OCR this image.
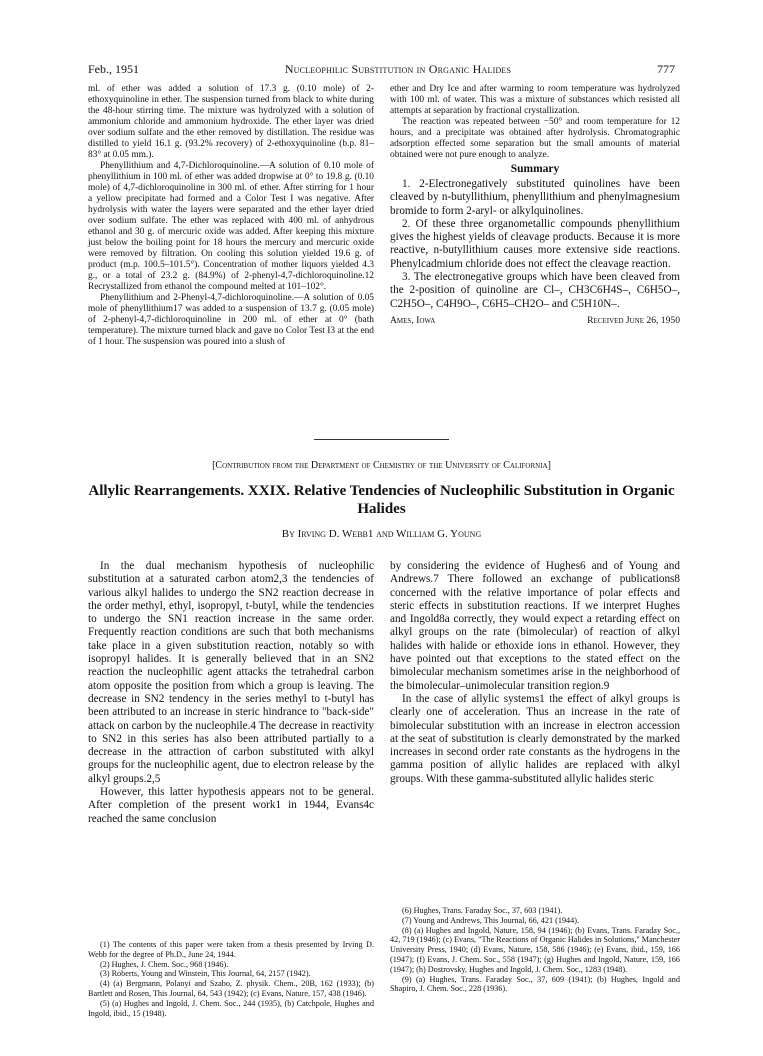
Feb., 1951	Nucleophilic Substitution in Organic Halides	777

ml. of ether was added a solution of 17.3 g. (0.10 mole) of 2-ethoxyquinoline in ether. The suspension turned from black to white during the 48-hour stirring time. The mixture was hydrolyzed with a solution of ammonium chloride and ammonium hydroxide. The ether layer was dried over sodium sulfate and the ether removed by distillation. The residue was distilled to yield 16.1 g. (93.2% recovery) of 2-ethoxyquinoline (b.p. 81–83° at 0.05 mm.).

Phenyllithium and 4,7-Dichloroquinoline.—A solution of 0.10 mole of phenyllithium in 100 ml. of ether was added dropwise at 0° to 19.8 g. (0.10 mole) of 4,7-dichloroquinoline in 300 ml. of ether. After stirring for 1 hour a yellow precipitate had formed and a Color Test I was negative. After hydrolysis with water the layers were separated and the ether layer dried over sodium sulfate. The ether was replaced with 400 ml. of anhydrous ethanol and 30 g. of mercuric oxide was added. After keeping this mixture just below the boiling point for 18 hours the mercury and mercuric oxide were removed by filtration. On cooling this solution yielded 19.6 g. of product (m.p. 100.5–101.5°). Concentration of mother liquors yielded 4.3 g., or a total of 23.2 g. (84.9%) of 2-phenyl-4,7-dichloroquinoline.12 Recrystallized from ethanol the compound melted at 101–102°.

Phenyllithium and 2-Phenyl-4,7-dichloroquinoline.—A solution of 0.05 mole of phenyllithium17 was added to a suspension of 13.7 g. (0.05 mole) of 2-phenyl-4,7-dichloroquinoline in 200 ml. of ether at 0° (bath temperature). The mixture turned black and gave no Color Test I3 at the end of 1 hour. The suspension was poured into a slush of

ether and Dry Ice and after warming to room temperature was hydrolyzed with 100 ml. of water. This was a mixture of substances which resisted all attempts at separation by fractional crystallization.

The reaction was repeated between −50° and room temperature for 12 hours, and a precipitate was obtained after hydrolysis. Chromatographic adsorption effected some separation but the small amounts of material obtained were not pure enough to analyze.

Summary

1. 2-Electronegatively substituted quinolines have been cleaved by n-butyllithium, phenyllithium and phenylmagnesium bromide to form 2-aryl- or alkylquinolines.

2. Of these three organometallic compounds phenyllithium gives the highest yields of cleavage products. Because it is more reactive, n-butyllithium causes more extensive side reactions. Phenylcadmium chloride does not effect the cleavage reaction.

3. The electronegative groups which have been cleaved from the 2-position of quinoline are Cl–, CH3C6H4S–, C6H5O–, C2H5O–, C4H9O–, C6H5–CH2O– and C5H10N–.

Ames, Iowa	Received June 26, 1950
[Contribution from the Department of Chemistry of the University of California]
Allylic Rearrangements. XXIX. Relative Tendencies of Nucleophilic Substitution in Organic Halides
By Irving D. Webb1 and William G. Young

In the dual mechanism hypothesis of nucleophilic substitution at a saturated carbon atom2,3 the tendencies of various alkyl halides to undergo the SN2 reaction decrease in the order methyl, ethyl, isopropyl, t-butyl, while the tendencies to undergo the SN1 reaction increase in the same order. Frequently reaction conditions are such that both mechanisms take place in a given substitution reaction, notably so with isopropyl halides. It is generally believed that in an SN2 reaction the nucleophilic agent attacks the tetrahedral carbon atom opposite the position from which a group is leaving. The decrease in SN2 tendency in the series methyl to t-butyl has been attributed to an increase in steric hindrance to "back-side" attack on carbon by the nucleophile.4 The decrease in reactivity to SN2 in this series has also been attributed partially to a decrease in the attraction of carbon substituted with alkyl groups for the nucleophilic agent, due to electron release by the alkyl groups.2,5

However, this latter hypothesis appears not to be general. After completion of the present work1 in 1944, Evans4c reached the same conclusion

by considering the evidence of Hughes6 and of Young and Andrews.7 There followed an exchange of publications8 concerned with the relative importance of polar effects and steric effects in substitution reactions. If we interpret Hughes and Ingold8a correctly, they would expect a retarding effect on alkyl groups on the rate (bimolecular) of reaction of alkyl halides with halide or ethoxide ions in ethanol. However, they have pointed out that exceptions to the stated effect on the bimolecular mechanism sometimes arise in the neighborhood of the bimolecular–unimolecular transition region.9

In the case of allylic systems1 the effect of alkyl groups is clearly one of acceleration. Thus an increase in the rate of bimolecular substitution with an increase in electron accession at the seat of substitution is clearly demonstrated by the marked increases in second order rate constants as the hydrogens in the gamma position of allylic halides are replaced with alkyl groups. With these gamma-substituted allylic halides steric

(1) The contents of this paper were taken from a thesis presented by Irving D. Webb for the degree of Ph.D., June 24, 1944.

(2) Hughes, J. Chem. Soc., 968 (1946).

(3) Roberts, Young and Winstein, This Journal, 64, 2157 (1942).

(4) (a) Bergmann, Polanyi and Szabo, Z. physik. Chem., 20B, 162 (1933); (b) Bartlett and Rosen, This Journal, 64, 543 (1942); (c) Evans, Nature, 157, 438 (1946).

(5) (a) Hughes and Ingold, J. Chem. Soc., 244 (1935), (b) Catchpole, Hughes and Ingold, ibid., 15 (1948).

(6) Hughes, Trans. Faraday Soc., 37, 603 (1941).

(7) Young and Andrews, This Journal, 66, 421 (1944).

(8) (a) Hughes and Ingold, Nature, 158, 94 (1946); (b) Evans, Trans. Faraday Soc., 42, 719 (1946); (c) Evans, "The Reactions of Organic Halides in Solutions," Manchester University Press, 1940; (d) Evans, Nature, 158, 586 (1946); (e) Evans, ibid., 159, 166 (1947); (f) Evans, J. Chem. Soc., 558 (1947); (g) Hughes and Ingold, Nature, 159, 166 (1947); (h) Dostrovsky, Hughes and Ingold, J. Chem. Soc., 1283 (1948).

(9) (a) Hughes, Trans. Faraday Soc., 37, 609 (1941); (b) Hughes, Ingold and Shapiro, J. Chem. Soc., 228 (1936).
